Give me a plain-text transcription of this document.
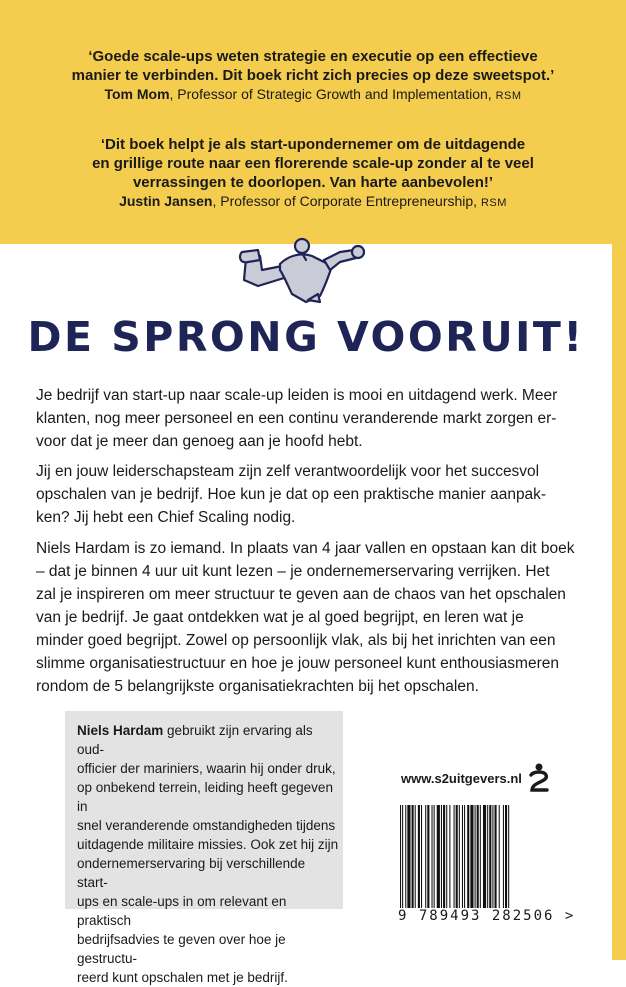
‘Goede scale-ups weten strategie en executie op een effectieve
manier te verbinden. Dit boek richt zich precies op deze sweetspot.’
Tom Mom, Professor of Strategic Growth and Implementation, RSM
‘Dit boek helpt je als start-upondernemer om de uitdagende
en grillige route naar een florerende scale-up zonder al te veel
verrassingen te doorlopen. Van harte aanbevolen!’
Justin Jansen, Professor of Corporate Entrepreneurship, RSM
DE SPRONG VOORUIT!
Je bedrijf van start-up naar scale-up leiden is mooi en uitdagend werk. Meer
klanten, nog meer personeel en een continu veranderende markt zorgen er-
voor dat je meer dan genoeg aan je hoofd hebt.
Jij en jouw leiderschapsteam zijn zelf verantwoordelijk voor het succesvol
opschalen van je bedrijf. Hoe kun je dat op een praktische manier aanpak-
ken? Jij hebt een Chief Scaling nodig.
Niels Hardam is zo iemand. In plaats van 4 jaar vallen en opstaan kan dit boek
– dat je binnen 4 uur uit kunt lezen – je ondernemerservaring verrijken. Het
zal je inspireren om meer structuur te geven aan de chaos van het opschalen
van je bedrijf. Je gaat ontdekken wat je al goed begrijpt, en leren wat je
minder goed begrijpt. Zowel op persoonlijk vlak, als bij het inrichten van een
slimme organisatiestructuur en hoe je jouw personeel kunt enthousiasmeren
rondom de 5 belangrijkste organisatiekrachten bij het opschalen.
Niels Hardam gebruikt zijn ervaring als oud-
officier der mariniers, waarin hij onder druk,
op onbekend terrein, leiding heeft gegeven in
snel veranderende omstandigheden tijdens
uitdagende militaire missies. Ook zet hij zijn
ondernemerservaring bij verschillende start-
ups en scale-ups in om relevant en praktisch
bedrijfsadvies te geven over hoe je gestructu-
reerd kunt opschalen met je bedrijf.
www.s2uitgevers.nl
9 789493 282506 >
